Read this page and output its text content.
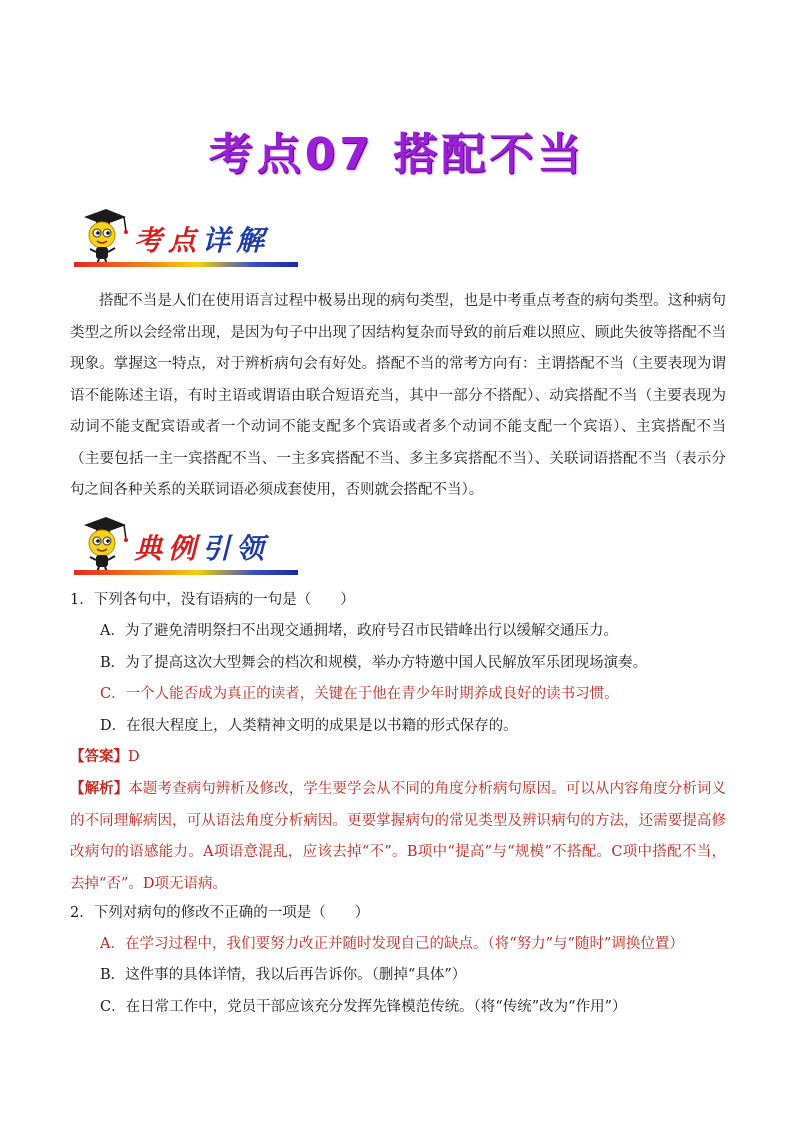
考点07 搭配不当
考点详解

搭配不当是人们在使用语言过程中极易出现的病句类型，也是中考重点考查的病句类型。这种病句类型之所以会经常出现，是因为句子中出现了因结构复杂而导致的前后难以照应、顾此失彼等搭配不当现象。掌握这一特点，对于辨析病句会有好处。搭配不当的常考方向有：主谓搭配不当（主要表现为谓语不能陈述主语，有时主语或谓语由联合短语充当，其中一部分不搭配）、动宾搭配不当（主要表现为动词不能支配宾语或者一个动词不能支配多个宾语或者多个动词不能支配一个宾语）、主宾搭配不当（主要包括一主一宾搭配不当、一主多宾搭配不当、多主多宾搭配不当）、关联词语搭配不当（表示分句之间各种关系的关联词语必须成套使用，否则就会搭配不当）。

典例引领

1．下列各句中，没有语病的一句是（　　）

A．为了避免清明祭扫不出现交通拥堵，政府号召市民错峰出行以缓解交通压力。

B．为了提高这次大型舞会的档次和规模，举办方特邀中国人民解放军乐团现场演奏。

C．一个人能否成为真正的读者，关键在于他在青少年时期养成良好的读书习惯。

D．在很大程度上，人类精神文明的成果是以书籍的形式保存的。

【答案】D

【解析】本题考查病句辨析及修改，学生要学会从不同的角度分析病句原因。可以从内容角度分析词义的不同理解病因，可从语法角度分析病因。更要掌握病句的常见类型及辨识病句的方法，还需要提高修改病句的语感能力。A项语意混乱，应该去掉“不”。B项中“提高”与“规模”不搭配。C项中搭配不当，去掉“否”。D项无语病。

2．下列对病句的修改不正确的一项是（　　）

A．在学习过程中，我们要努力改正并随时发现自己的缺点。（将“努力”与“随时”调换位置）

B．这件事的具体详情，我以后再告诉你。（删掉“具体”）

C．在日常工作中，党员干部应该充分发挥先锋模范传统。（将“传统”改为“作用”）
